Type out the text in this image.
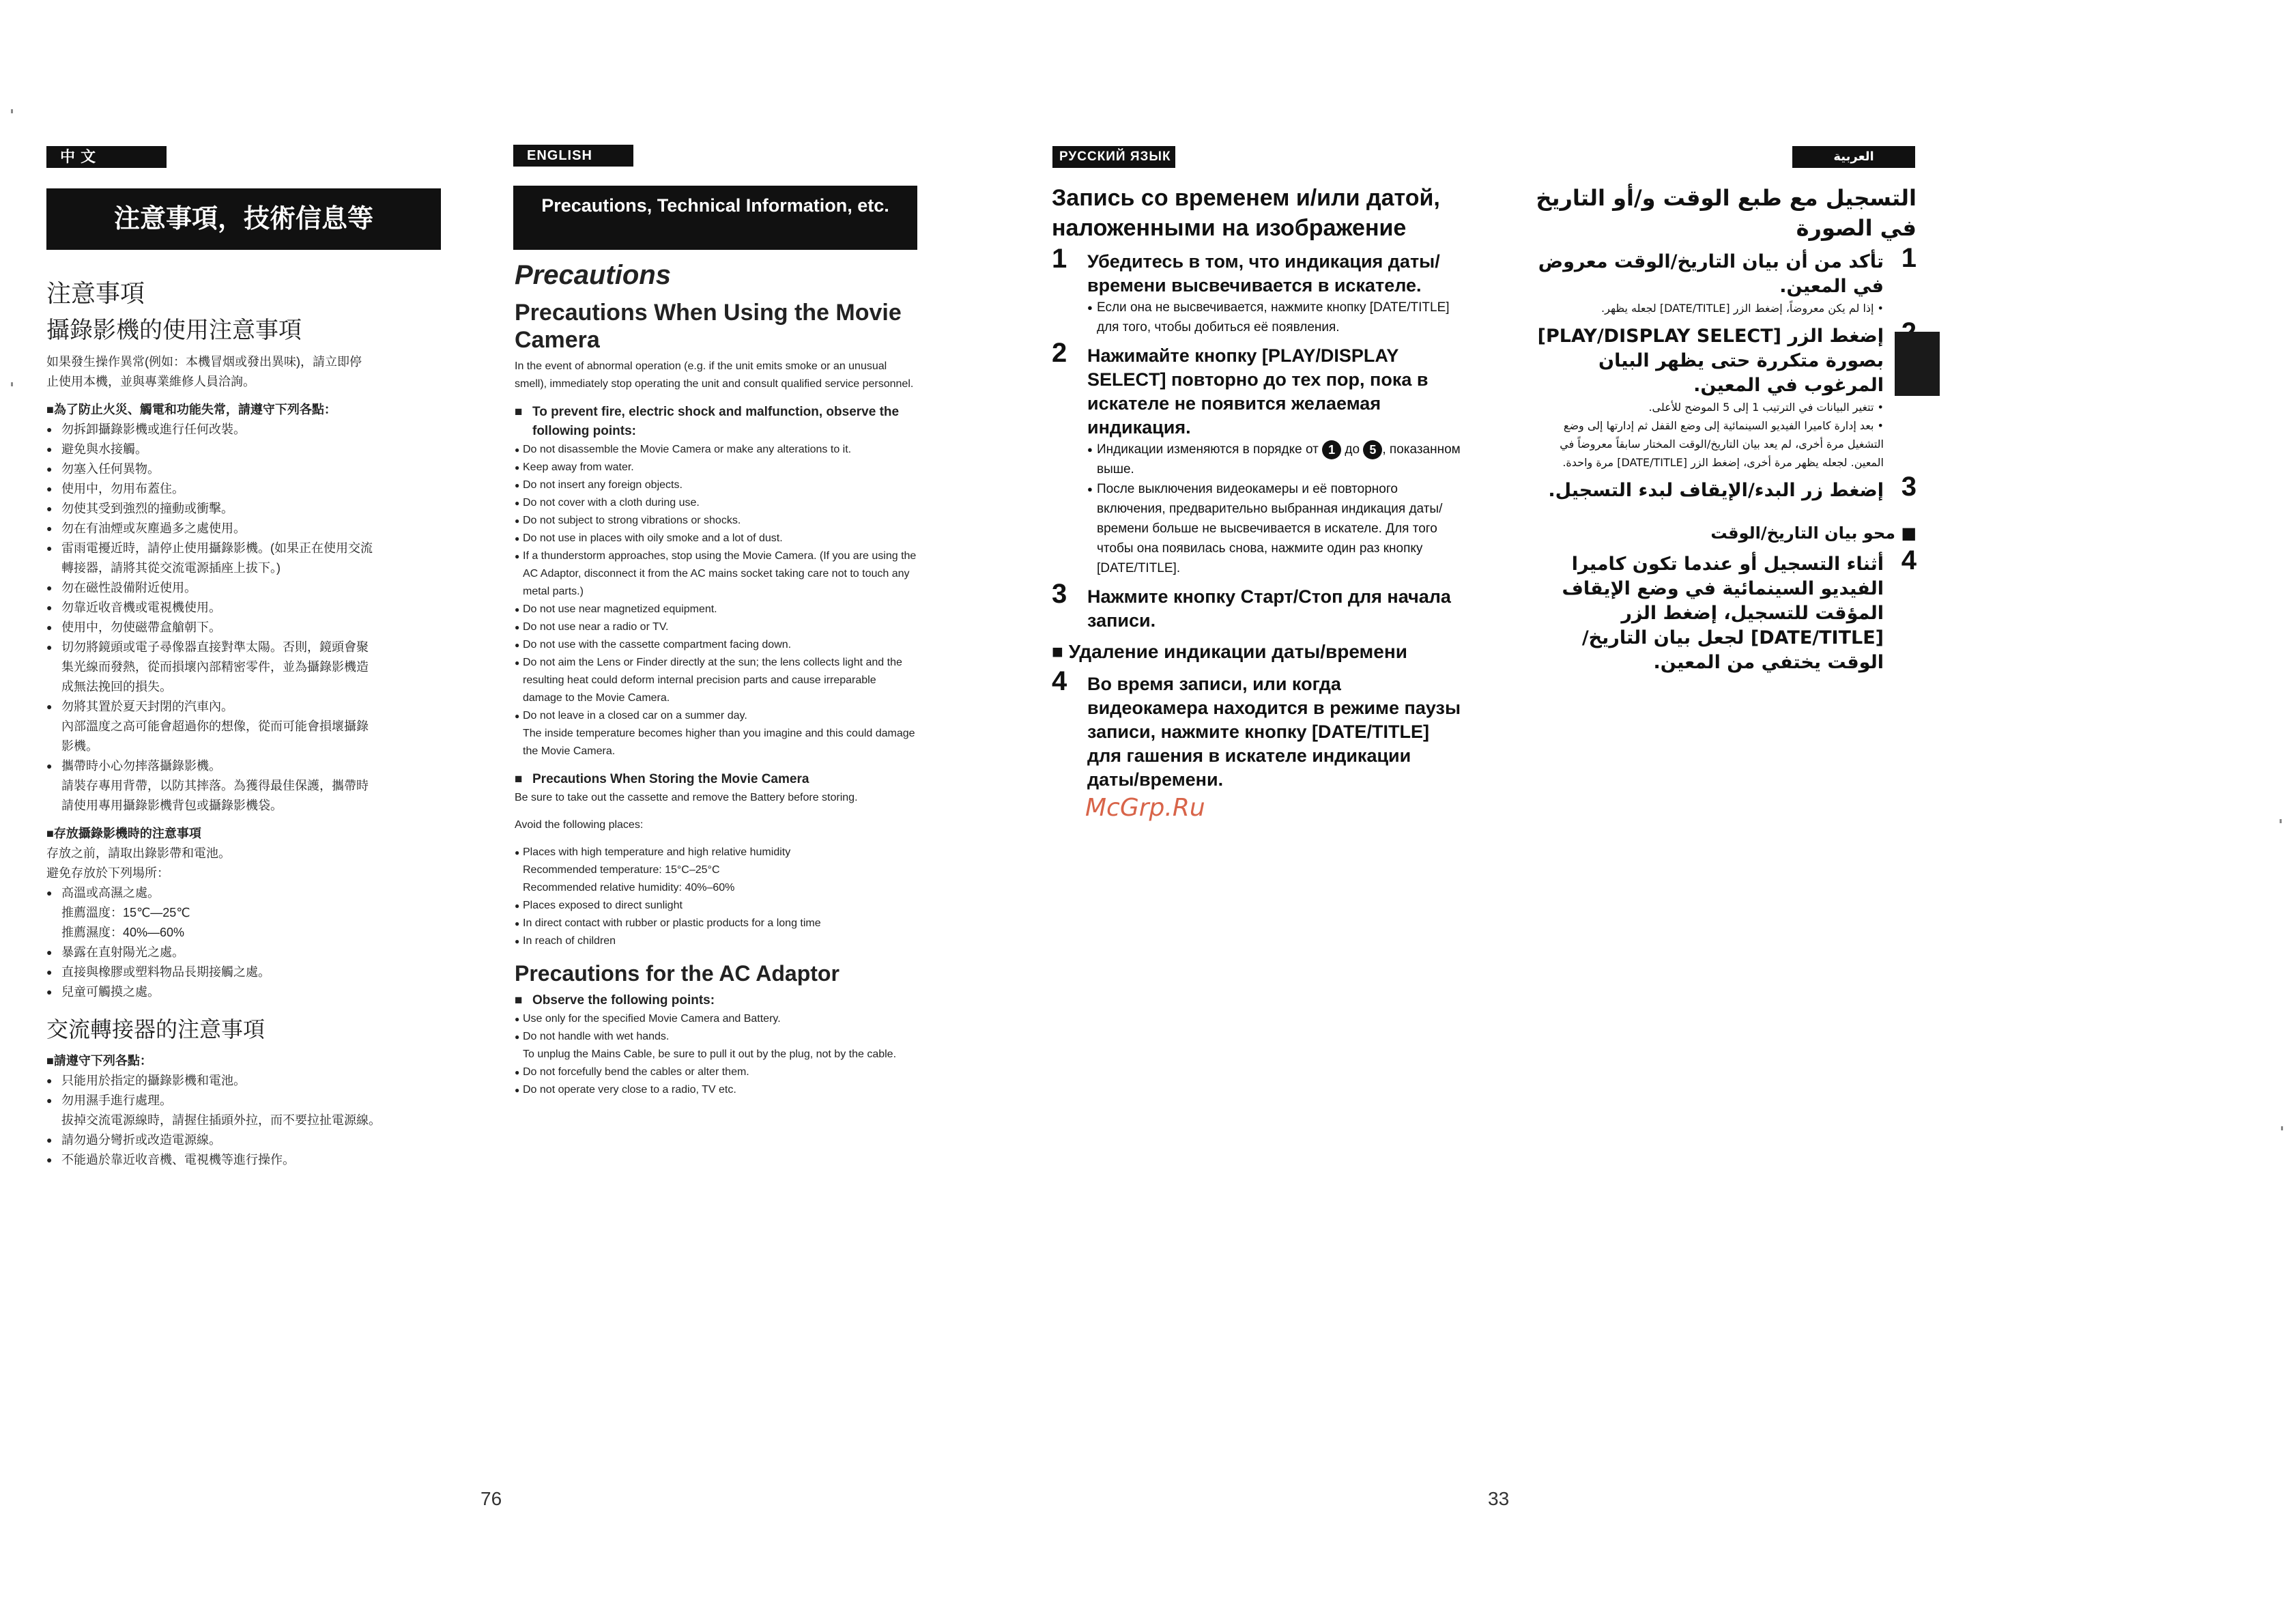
中 文	ENGLISH
注意事項，技術信息等	Precautions, Technical Information, etc.

注意事項

攝錄影機的使用注意事項

如果發生操作異常(例如：本機冒烟或發出異味)，請立即停

止使用本機，並與專業維修人員洽詢。

■為了防止火災、觸電和功能失常，請遵守下列各點：

● 勿拆卸攝錄影機或進行任何改裝。
● 避免與水接觸。
● 勿塞入任何異物。
● 使用中，勿用布蓋住。
● 勿使其受到強烈的撞動或衝擊。
● 勿在有油煙或灰塵過多之處使用。
● 雷雨電擾近時，請停止使用攝錄影機。(如果正在使用交流
轉接器，請將其從交流電源插座上拔下。)
● 勿在磁性設備附近使用。
● 勿靠近收音機或電視機使用。
● 使用中，勿使磁帶盒艙朝下。
● 切勿將鏡頭或電子尋像器直接對準太陽。否則，鏡頭會聚
集光線而發熱，從而損壞內部精密零件，並為攝錄影機造
成無法挽回的損失。
● 勿將其置於夏天封閉的汽車內。
內部溫度之高可能會超過你的想像，從而可能會損壞攝錄
影機。
● 攜帶時小心勿摔落攝錄影機。
請裝存專用背帶，以防其摔落。為獲得最佳保護，攜帶時
請使用專用攝錄影機背包或攝錄影機袋。

■存放攝錄影機時的注意事項

存放之前，請取出錄影帶和電池。

避免存放於下列場所：

● 高溫或高濕之處。
推薦溫度：15℃—25℃
推薦濕度：40%—60%
● 暴露在直射陽光之處。
● 直接與橡膠或塑料物品長期接觸之處。
● 兒童可觸摸之處。

交流轉接器的注意事項

■請遵守下列各點：

● 只能用於指定的攝錄影機和電池。
● 勿用濕手進行處理。
拔掉交流電源線時，請握住插頭外拉，而不要拉扯電源線。
● 請勿過分彎折或改造電源線。
● 不能過於靠近收音機、電視機等進行操作。

Precautions

Precautions When Using the Movie Camera

In the event of abnormal operation (e.g. if the unit emits smoke or an unusual smell), immediately stop operating the unit and consult qualified service personnel.

■ To prevent fire, electric shock and malfunction, observe the following points:

● Do not disassemble the Movie Camera or make any alterations to it.
● Keep away from water.
● Do not insert any foreign objects.
● Do not cover with a cloth during use.
● Do not subject to strong vibrations or shocks.
● Do not use in places with oily smoke and a lot of dust.
● If a thunderstorm approaches, stop using the Movie Camera. (If you are using the AC Adaptor, disconnect it from the AC mains socket taking care not to touch any metal parts.)
● Do not use near magnetized equipment.
● Do not use near a radio or TV.
● Do not use with the cassette compartment facing down.
● Do not aim the Lens or Finder directly at the sun; the lens collects light and the resulting heat could deform internal precision parts and cause irreparable damage to the Movie Camera.
● Do not leave in a closed car on a summer day.
The inside temperature becomes higher than you imagine and this could damage the Movie Camera.

■ Precautions When Storing the Movie Camera

Be sure to take out the cassette and remove the Battery before storing.

Avoid the following places:

● Places with high temperature and high relative humidity
Recommended temperature: 15°C–25°C
Recommended relative humidity: 40%–60%
● Places exposed to direct sunlight
● In direct contact with rubber or plastic products for a long time
● In reach of children

Precautions for the AC Adaptor

■ Observe the following points:

● Use only for the specified Movie Camera and Battery.
● Do not handle with wet hands.
To unplug the Mains Cable, be sure to pull it out by the plug, not by the cable.
● Do not forcefully bend the cables or alter them.
● Do not operate very close to a radio, TV etc.
76
РУССКИЙ ЯЗЫК	العربية
33

Запись со временем и/или датой, наложенными на изображение

1 Убедитесь в том, что индикация даты/времени высвечивается в искателе.
● Если она не высвечивается, нажмите кнопку [DATE/TITLE] для того, чтобы добиться её появления.
2 Нажимайте кнопку [PLAY/DISPLAY SELECT] повторно до тех пор, пока в искателе не появится желаемая индикация.
● Индикации изменяются в порядке от 1 до 5 , показанном выше.
● После выключения видеокамеры и её повторного включения, предварительно выбранная индикация даты/времени больше не высвечивается в искателе. Для того чтобы она появилась снова, нажмите один раз кнопку [DATE/TITLE].
3 Нажмите кнопку Старт/Стоп для начала записи.

■ Удаление индикации даты/времени

4 Во время записи, или когда видеокамера находится в режиме паузы записи, нажмите кнопку [DATE/TITLE] для гашения в искателе индикации даты/времени.

التسجيل مع طبع الوقت و/أو التاريخ في الصورة

1
تأكد من أن بيان التاريخ/الوقت معروض في المعين.
• إذا لم يكن معروضاً، إضغط الزر [DATE/TITLE] لجعله يظهر.
إضغط الزر [PLAY/DISPLAY SELECT] بصورة متكررة حتى يظهر البيان المرغوب في المعين.
• تتغير البيانات في الترتيب 1 إلى 5 الموضح للأعلى.
• بعد إدارة كاميرا الفيديو السينمائية إلى وضع القفل ثم إدارتها إلى وضع التشغيل مرة أخرى، لم يعد بيان التاريخ/الوقت المختار سابقاً معروضاً في المعين. لجعله يظهر مرة أخرى، إضغط الزر [DATE/TITLE] مرة واحدة.
3
إضغط زر البدء/الإيقاف لبدء التسجيل.

■ محو بيان التاريخ/الوقت

4
أثناء التسجيل أو عندما تكون كاميرا الفيديو السينمائية في وضع الإيقاف المؤقت للتسجيل، إضغط الزر [DATE/TITLE] لجعل بيان التاريخ/الوقت يختفي من المعين.
McGrp.Ru
